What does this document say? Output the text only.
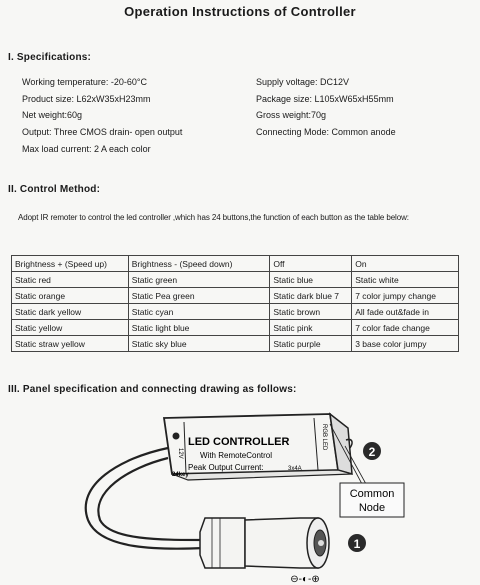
Operation Instructions of Controller
I. Specifications:
Working temperature: -20-60°C
Product size: L62xW35xH23mm
Net weight:60g
Output: Three CMOS drain- open output
Max load current: 2 A each color
Supply voltage: DC12V
Package size: L105xW65xH55mm
Gross weight:70g
Connecting Mode: Common anode
II. Control Method:
Adopt IR remoter to control the led controller ,which has 24 buttons,the function of each button as the table below:
Brightness + (Speed up)	Brightness - (Speed down)	Off	On
Static red	Static green	Static blue	Static white
Static orange	Static Pea green	Static dark blue 7	7 color jumpy change
Static dark yellow	Static cyan	Static brown	All fade out&fade in
Static yellow	Static light blue	Static pink	7 color fade change
Static straw yellow	Static sky blue	Static purple	3 base color jumpy
III. Panel specification and connecting drawing as follows:
LED CONTROLLER
With RemoteControl
Peak Output Current:	3x4A
12V
24key
RGB LED
2
Common
Node
1
⊖-◐-⊕
